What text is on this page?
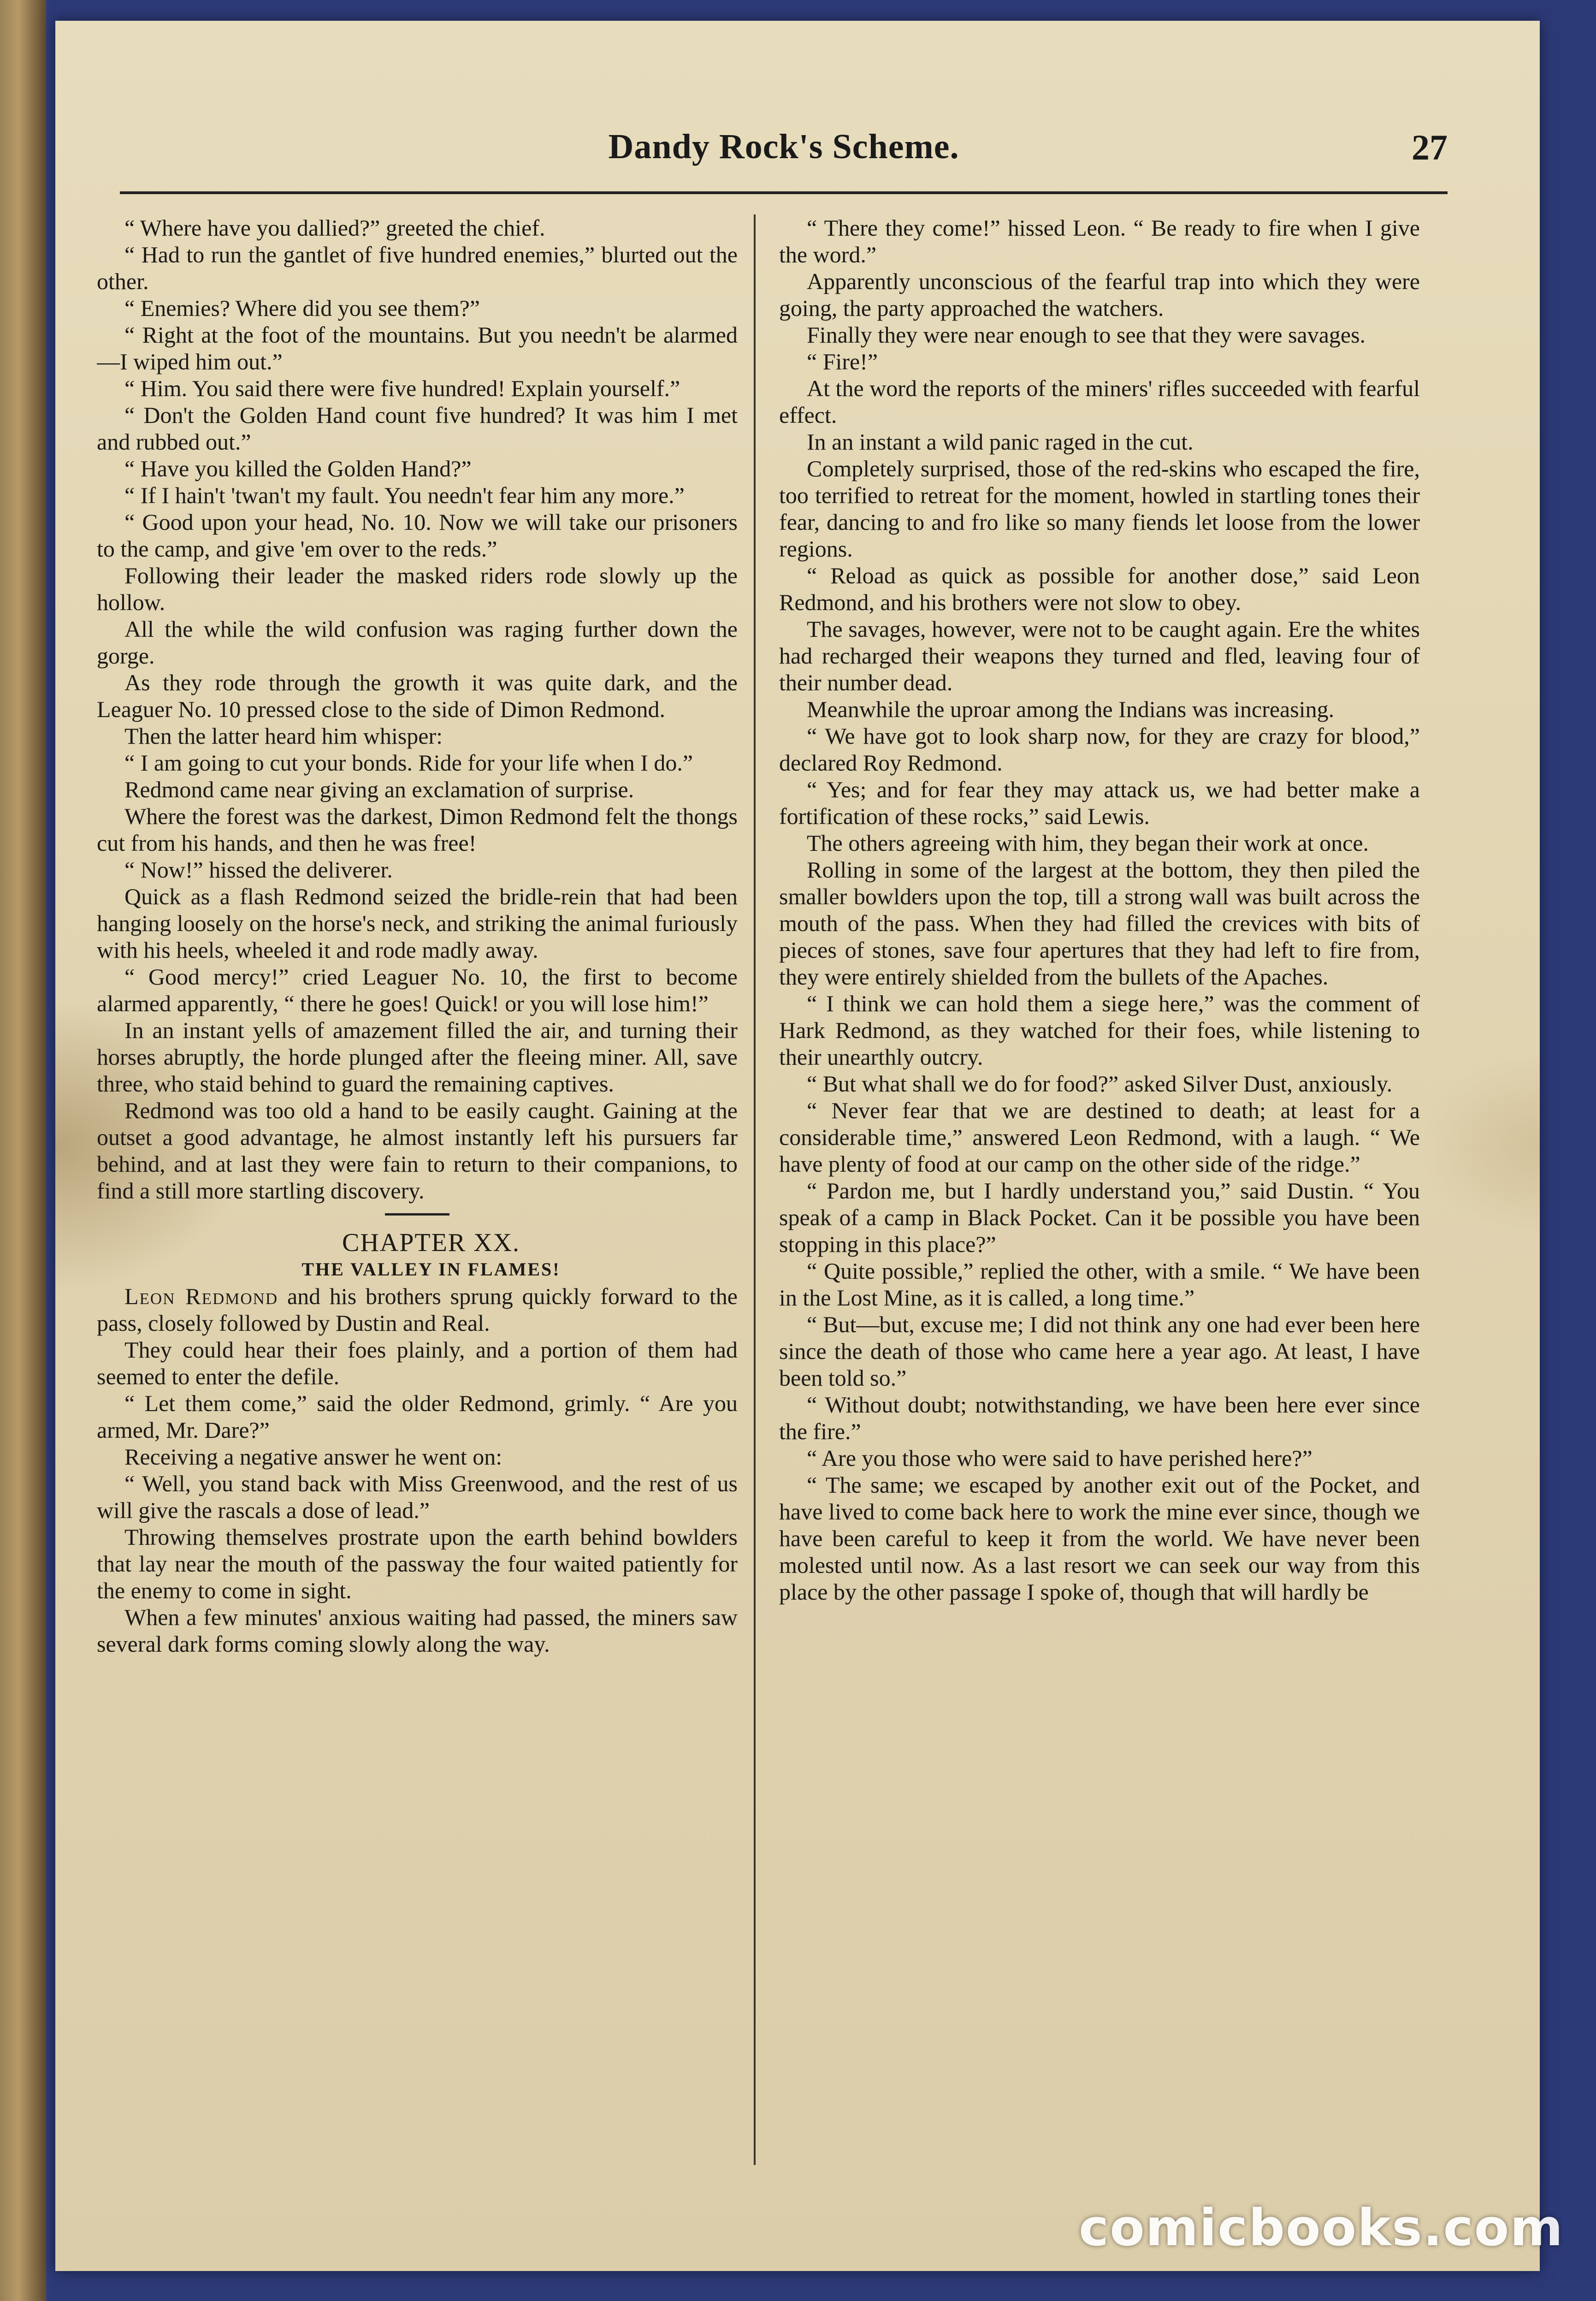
Dandy Rock's Scheme.	27

“ Where have you dallied?” greeted the chief.

“ Had to run the gantlet of five hundred enemies,” blurted out the other.

“ Enemies? Where did you see them?”

“ Right at the foot of the mountains. But you needn't be alarmed—I wiped him out.”

“ Him. You said there were five hundred! Explain yourself.”

“ Don't the Golden Hand count five hundred? It was him I met and rubbed out.”

“ Have you killed the Golden Hand?”

“ If I hain't 'twan't my fault. You needn't fear him any more.”

“ Good upon your head, No. 10. Now we will take our prisoners to the camp, and give 'em over to the reds.”

Following their leader the masked riders rode slowly up the hollow.

All the while the wild confusion was raging further down the gorge.

As they rode through the growth it was quite dark, and the Leaguer No. 10 pressed close to the side of Dimon Redmond.

Then the latter heard him whisper:

“ I am going to cut your bonds. Ride for your life when I do.”

Redmond came near giving an exclamation of surprise.

Where the forest was the darkest, Dimon Redmond felt the thongs cut from his hands, and then he was free!

“ Now!” hissed the deliverer.

Quick as a flash Redmond seized the bridle-rein that had been hanging loosely on the horse's neck, and striking the animal furiously with his heels, wheeled it and rode madly away.

“ Good mercy!” cried Leaguer No. 10, the first to become alarmed apparently, “ there he goes! Quick! or you will lose him!”

In an instant yells of amazement filled the air, and turning their horses abruptly, the horde plunged after the fleeing miner. All, save three, who staid behind to guard the remaining captives.

Redmond was too old a hand to be easily caught. Gaining at the outset a good advantage, he almost instantly left his pursuers far behind, and at last they were fain to return to their companions, to find a still more startling discovery.

CHAPTER XX.

THE VALLEY IN FLAMES!

Leon Redmond and his brothers sprung quickly forward to the pass, closely followed by Dustin and Real.

They could hear their foes plainly, and a portion of them had seemed to enter the defile.

“ Let them come,” said the older Redmond, grimly. “ Are you armed, Mr. Dare?”

Receiving a negative answer he went on:

“ Well, you stand back with Miss Greenwood, and the rest of us will give the rascals a dose of lead.”

Throwing themselves prostrate upon the earth behind bowlders that lay near the mouth of the passway the four waited patiently for the enemy to come in sight.

When a few minutes' anxious waiting had passed, the miners saw several dark forms coming slowly along the way.

“ There they come!” hissed Leon. “ Be ready to fire when I give the word.”

Apparently unconscious of the fearful trap into which they were going, the party approached the watchers.

Finally they were near enough to see that they were savages.

“ Fire!”

At the word the reports of the miners' rifles succeeded with fearful effect.

In an instant a wild panic raged in the cut.

Completely surprised, those of the red-skins who escaped the fire, too terrified to retreat for the moment, howled in startling tones their fear, dancing to and fro like so many fiends let loose from the lower regions.

“ Reload as quick as possible for another dose,” said Leon Redmond, and his brothers were not slow to obey.

The savages, however, were not to be caught again. Ere the whites had recharged their weapons they turned and fled, leaving four of their number dead.

Meanwhile the uproar among the Indians was increasing.

“ We have got to look sharp now, for they are crazy for blood,” declared Roy Redmond.

“ Yes; and for fear they may attack us, we had better make a fortification of these rocks,” said Lewis.

The others agreeing with him, they began their work at once.

Rolling in some of the largest at the bottom, they then piled the smaller bowlders upon the top, till a strong wall was built across the mouth of the pass. When they had filled the crevices with bits of pieces of stones, save four apertures that they had left to fire from, they were entirely shielded from the bullets of the Apaches.

“ I think we can hold them a siege here,” was the comment of Hark Redmond, as they watched for their foes, while listening to their unearthly outcry.

“ But what shall we do for food?” asked Silver Dust, anxiously.

“ Never fear that we are destined to death; at least for a considerable time,” answered Leon Redmond, with a laugh. “ We have plenty of food at our camp on the other side of the ridge.”

“ Pardon me, but I hardly understand you,” said Dustin. “ You speak of a camp in Black Pocket. Can it be possible you have been stopping in this place?”

“ Quite possible,” replied the other, with a smile. “ We have been in the Lost Mine, as it is called, a long time.”

“ But—but, excuse me; I did not think any one had ever been here since the death of those who came here a year ago. At least, I have been told so.”

“ Without doubt; notwithstanding, we have been here ever since the fire.”

“ Are you those who were said to have perished here?”

“ The same; we escaped by another exit out of the Pocket, and have lived to come back here to work the mine ever since, though we have been careful to keep it from the world. We have never been molested until now. As a last resort we can seek our way from this place by the other passage I spoke of, though that will hardly be

comicbooks.com
